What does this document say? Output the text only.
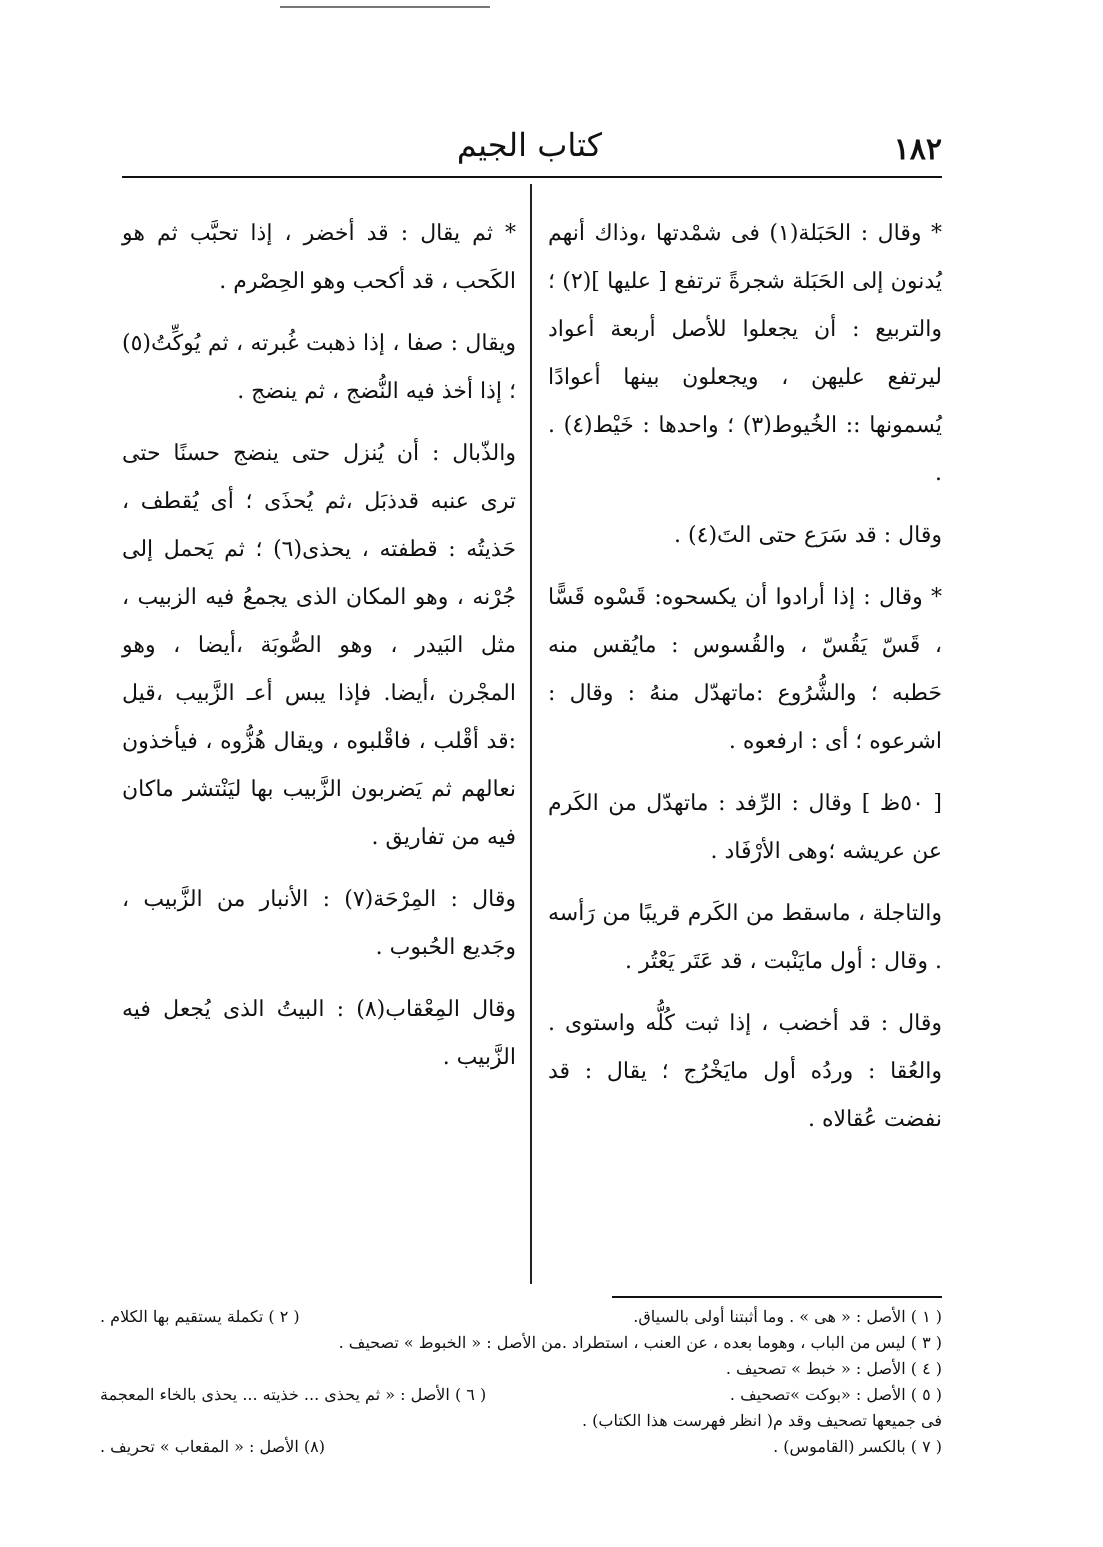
١٨٢
كتاب الجيم

* وقال : الحَبَلة(١) فى شمْدتها ،وذاك أنهم يُدنون إلى الحَبَلة شجرةً ترتفع [ عليها ](٢) ؛ والتربيع : أن يجعلوا للأصل أربعة أعواد ليرتفع عليهن ، ويجعلون بينها أعوادًا يُسمونها :: الخُيوط(٣) ؛ واحدها : خَيْط(٤) . .

وقال : قد سَرَع حتى التَ(٤) .

* وقال : إذا أرادوا أن يكسحوه: قَسْوه قَسًّا ، قَسّ يَقُسّ ، والقُسوس : مايُقس منه حَطبه ؛ والشُّرُوع :ماتهدّل منهُ : وقال : اشرعوه ؛ أى : ارفعوه .

[ ٥٠ظ ] وقال : الرِّفد : ماتهدّل من الكَرم عن عريشه ؛وهى الأرْفَاد .

والتاجلة ، ماسقط من الكَرم قريبًا من رَأسه . وقال : أول مايَنْبت ، قد عَتَر يَعْتُر .

وقال : قد أخضب ، إذا ثبت كُلُّه واستوى . والعُقا : وردُه أول مايَخْرُج ؛ يقال : قد نفضت عُقالاه .

* ثم يقال : قد أخضر ، إذا تحبَّب ثم هو الكَحب ، قد أكحب وهو الحِصْرم .

ويقال : صفا ، إذا ذهبت غُبرته ، ثم يُوكِّتُ(٥) ؛ إذا أخذ فيه النُّضج ، ثم ينضج .

والذّبال : أن يُنزل حتى ينضج حسنًا حتى ترى عنبه قدذبَل ،ثم يُحذَى ؛ أى يُقطف ، حَذيتُه : قطفته ، يحذى(٦) ؛ ثم يَحمل إلى جُرْنه ، وهو المكان الذى يجمعُ فيه الزبيب ، مثل البَيدر ، وهو الصُّوبَة ،أيضا ، وهو المجْرن ،أيضا. فإذا يبس أعـ الزَّبيب ،قيل :قد أقْلب ، فاقْلبوه ، ويقال هُزُّوه ، فيأخذون نعالهم ثم يَضربون الزَّبيب بها ليَنْتشر ماكان فيه من تفاريق .

وقال : المِرْحَة(٧) : الأنبار من الزَّبيب ، وجَديع الحُبوب .

وقال المِعْقاب(٨) : البيتُ الذى يُجعل فيه الزَّبيب .

( ١ ) الأصل : « هى » . وما أثبتنا أولى بالسياق.
( ٢ ) تكملة يستقيم بها الكلام .
( ٣ ) ليس من الباب ، وهوما بعده ، عن العنب ، استطراد .من الأصل : « الخبوط » تصحيف .
( ٤ ) الأصل : « خبط » تصحيف .
( ٥ ) الأصل : «بوكت »تصحيف .
( ٦ ) الأصل : « ثم يحذى ... خذيته ... يحذى بالخاء المعجمة
فى جميعها تصحيف وقد م( انظر فهرست هذا الكتاب) .
( ٧ ) بالكسر (القاموس) .
(٨) الأصل : « المقعاب » تحريف .
